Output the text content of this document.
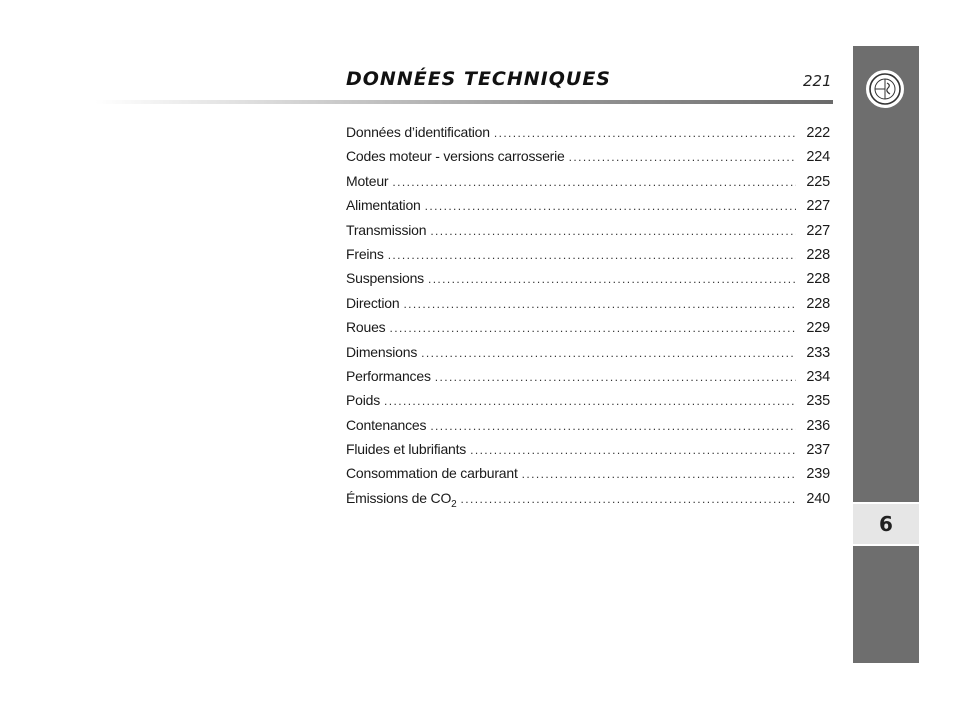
DONNÉES TECHNIQUES	221
Données d’identification .....	222
Codes moteur - versions carrosserie .....	224
Moteur .....	225
Alimentation .....	227
Transmission .....	227
Freins .....	228
Suspensions .....	228
Direction .....	228
Roues .....	229
Dimensions .....	233
Performances .....	234
Poids .....	235
Contenances .....	236
Fluides et lubrifiants .....	237
Consommation de carburant .....	239
Émissions de $CO_2$ .....	240
6
